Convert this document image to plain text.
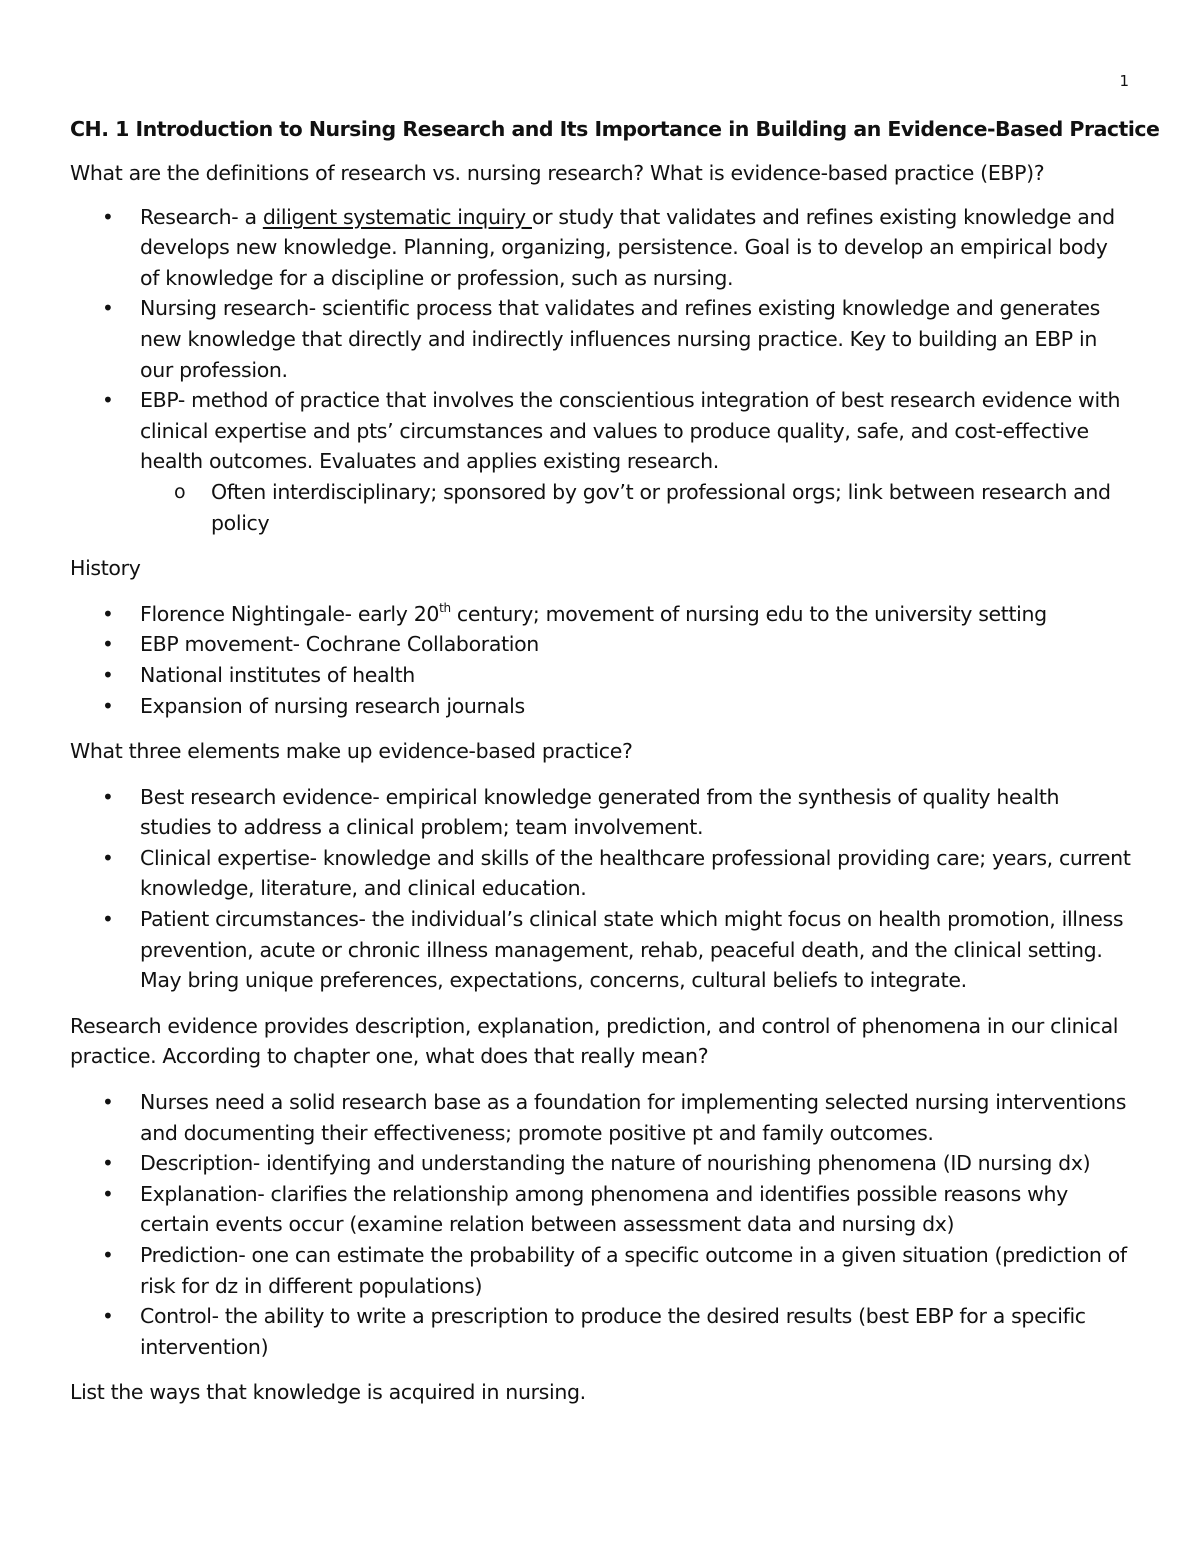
1
CH. 1 Introduction to Nursing Research and Its Importance in Building an Evidence-Based Practice

What are the definitions of research vs. nursing research? What is evidence-based practice (EBP)?

• Research- a diligent systematic inquiry or study that validates and refines existing knowledge and develops new knowledge. Planning, organizing, persistence. Goal is to develop an empirical body of knowledge for a discipline or profession, such as nursing.
• Nursing research- scientific process that validates and refines existing knowledge and generates new knowledge that directly and indirectly influences nursing practice. Key to building an EBP in our profession.
• EBP- method of practice that involves the conscientious integration of best research evidence with clinical expertise and pts’ circumstances and values to produce quality, safe, and cost-effective health outcomes. Evaluates and applies existing research.
o Often interdisciplinary; sponsored by gov’t or professional orgs; link between research and policy

History

• Florence Nightingale- early 20th century; movement of nursing edu to the university setting
• EBP movement- Cochrane Collaboration
• National institutes of health
• Expansion of nursing research journals

What three elements make up evidence-based practice?

• Best research evidence- empirical knowledge generated from the synthesis of quality health studies to address a clinical problem; team involvement.
• Clinical expertise- knowledge and skills of the healthcare professional providing care; years, current knowledge, literature, and clinical education.
• Patient circumstances- the individual’s clinical state which might focus on health promotion, illness prevention, acute or chronic illness management, rehab, peaceful death, and the clinical setting. May bring unique preferences, expectations, concerns, cultural beliefs to integrate.

Research evidence provides description, explanation, prediction, and control of phenomena in our clinical practice. According to chapter one, what does that really mean?

• Nurses need a solid research base as a foundation for implementing selected nursing interventions and documenting their effectiveness; promote positive pt and family outcomes.
• Description- identifying and understanding the nature of nourishing phenomena (ID nursing dx)
• Explanation- clarifies the relationship among phenomena and identifies possible reasons why certain events occur (examine relation between assessment data and nursing dx)
• Prediction- one can estimate the probability of a specific outcome in a given situation (prediction of risk for dz in different populations)
• Control- the ability to write a prescription to produce the desired results (best EBP for a specific intervention)

List the ways that knowledge is acquired in nursing.
